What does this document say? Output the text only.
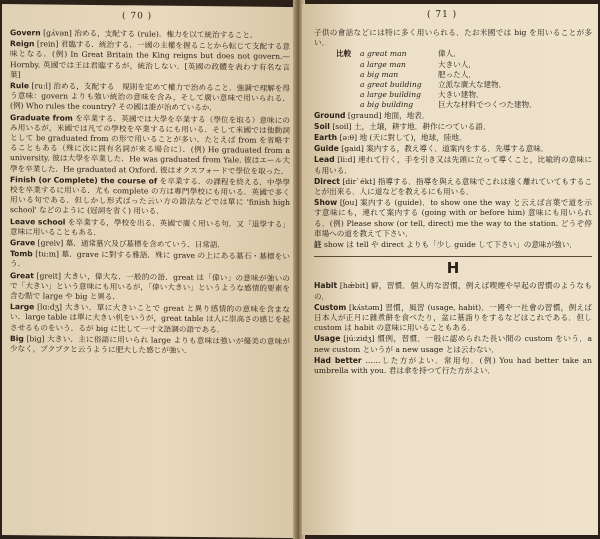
( 70 )
Govern [gʌ́vən] 治める，支配する (rule)．権力を以て統治すること．
Reign [rein] 君臨する．統治する．一國の主權を握ることから転じて支配する意味となる．(例) In Great Britain the King reigns but does not govern.—Hornby. 英國では王は君臨するが，統治しない．[英國の政體を表わす有名な言葉]
Rule [ru:l] 治める，支配する　規則を定めて權力で治めること．強調で理解を得う意味：govern よりも強い統治の意味を含み，そして廣い意味で用いられる．(例) Who rules the country? その國は誰が治めているか．
Graduate from を卒業する．英國では大學を卒業する（學位を取る）意味にのみ用いるが，米國では凡ての學校を卒業するにも用いる．そして米國では他動詞として be graduated from の形で用いることが多い．たとえば from を省略することもある（殊に次に固有名詞が來る場合に）．(例) He graduated from a university. 彼は大學を卒業した．He was graduated from Yale. 彼はエール大學を卒業した．He graduated at Oxford. 彼はオクスフォードで學位を取った．
Finish (or Complete) the course of を卒業する．の課程を終える．中學學校を卒業するに用いる．尤も complete の方は專門學校にも用いる．英國で多く用いる句である．但しかし形式ばった云い方の語法などでは單に 'finish high school' などのように (冠詞を省く) 用いる．
Leave school を卒業する，學校を出る．英國で廣く用いる句．又「退學する」意味に用いることもある．
Grave [greiv] 墓．通常墓穴及び墓標を含めていう．日常語．
Tomb [tu:m] 墓．grave に對する雅語．殊に grave の上にある墓石・墓標をいう．
Great [greit] 大きい，偉大な．一般的の語．great は「偉い」の意味が強いので「大きい」という意味にも用いるが，「偉い大きい」というような感情的要素を含む點で large や big と異る．
Large [lɑ:dʒ] 大きい．單に大きいことで great と異り感情的の意味を含まない．large table は單に大きい机をいうが，great table は人に崇高さの感じを起させるものをいう．るが big に比して一寸文語調の語である．
Big [big] 大きい．主に俗語に用いられ large よりも意味は強いが優美の意味が少なく，ブクブクと云うように肥大した感じが強い．
( 71 )
子供の會話などには特に多く用いられる．たお米國では big を用いることが多い．
比較	a great man	偉人．
a large man	大きい人．
a big man	肥った人．
a great building	立派な廣大な建物．
a large building	大きい建物．
a big building	巨大な材料でつくつた建物．
Ground [graund] 地面，地表．
Soil [soil] 土，土壌，耕す地．耕作につている語．
Earth [ə:θ] 地 (天に對して)，地球，陸地．
Guide [gaid] 案内する，教え導く．道案内をする．先導する意味．
Lead [li:d] 連れて行く，手を引き又は先頭に立って導くこと，比喩的の意味にも用いる．
Direct [dir`ékt] 指導する．指導を與える意味でこれは遠く離れていてもすることが出來る．人に道などを教えるにも用いる．
Show [ʃou] 案内する (guide)．to show one the way と云えば言葉で道を示す意味にも，連れて案内する (going with or before him) 意味にも用いられる．(例) Please show (or tell, direct) me the way to the station. どうぞ停車場への道を教えて下さい．
註 show は tell や direct よりも「少し guide して下さい」の意味が強い．
H
Habit [hǽbit] 癖，習慣．個人的な習慣，例えば喫煙や早起の習慣のようなもの．
Custom [kʌ́stəm] 習慣，風習 (usage, habit)．一國や一社會の習慣，例えば日本人が正月に雜煮餅を食べたり，盆に墓詣りをするなどはこれである．但し custom は habit の意味に用いることもある．
Usage [jú:zidʒ] 慣例，習慣．一般に認められた長い間の custom をいう．a new custom というが a new usage とは云わない．
Had better ……した方がよい．常用句．(例) You had better take an umbrella with you. 君は傘を持つて行た方がよい．
